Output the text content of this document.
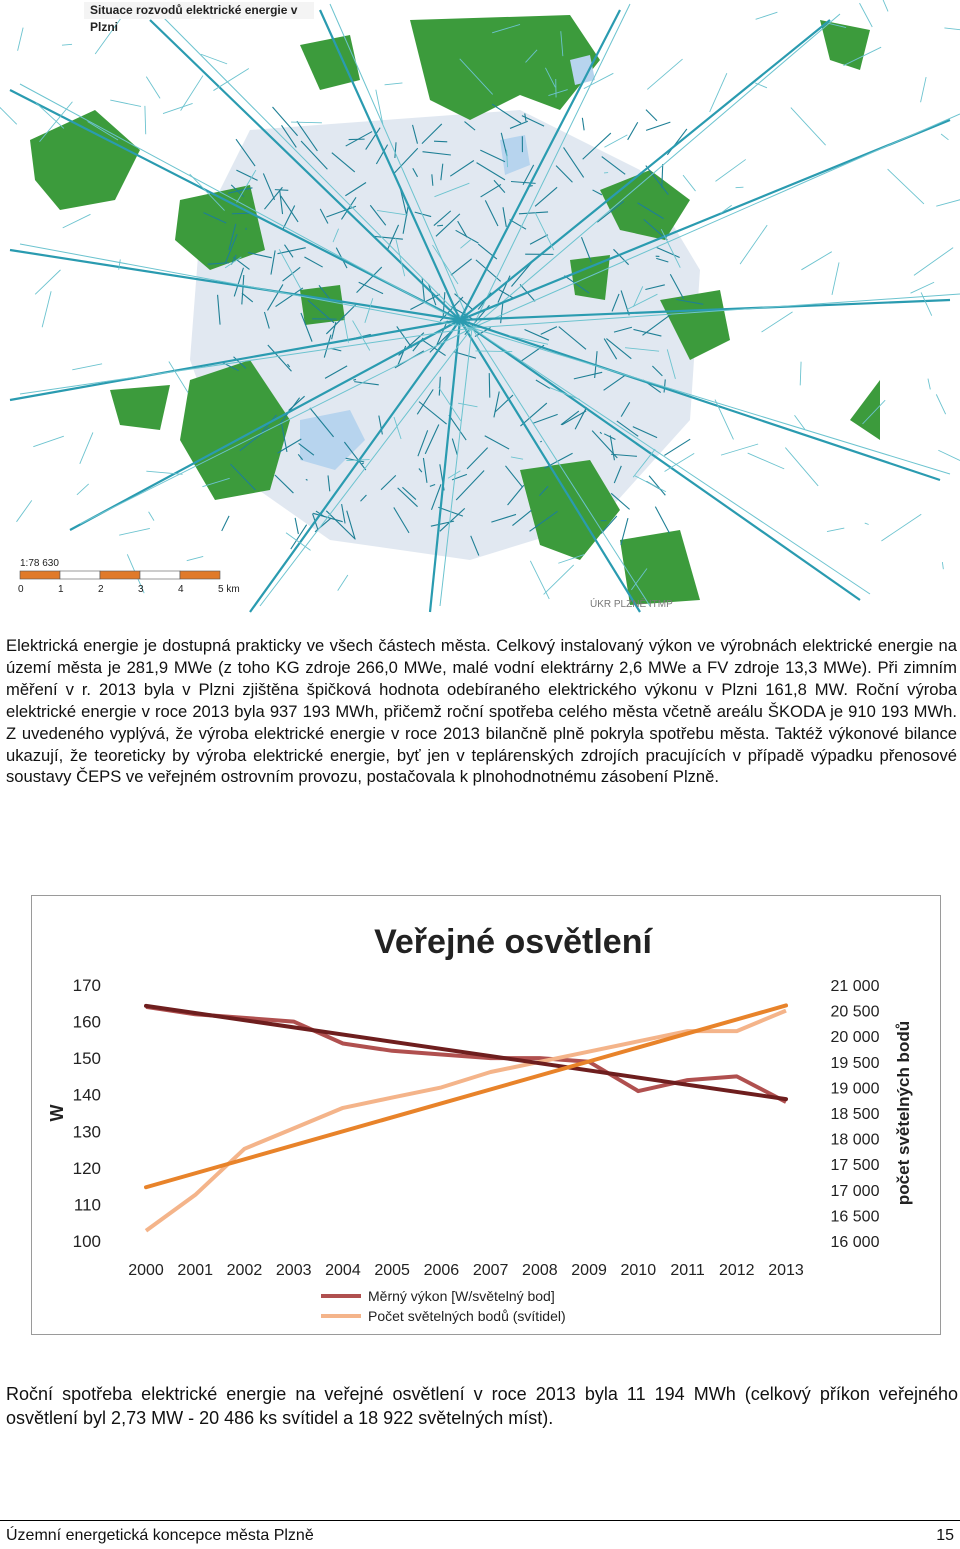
1:78 630
0	1	2	3	4	5 km
ÚKR PLZNĚ ITMP
Situace rozvodů elektrické energie v Plzni

Elektrická energie je dostupná prakticky ve všech částech města. Celkový instalovaný výkon ve výrobnách elektrické energie na území města je 281,9 MWe (z toho KG zdroje 266,0 MWe, malé vodní elektrárny 2,6 MWe a FV zdroje 13,3 MWe). Při zimním měření v r. 2013 byla v Plzni zjištěna špičková hodnota odebíraného elektrického výkonu v Plzni 161,8 MW. Roční výroba elektrické energie v roce 2013 byla 937 193 MWh, přičemž roční spotřeba celého města včetně areálu ŠKODA je 910 193 MWh. Z uvedeného vyplývá, že výroba elektrické energie v roce 2013 bilančně plně pokryla spotřebu města. Taktéž výkonové bilance ukazují, že teoreticky by výroba elektrické energie, byť jen v teplárenských zdrojích pracujících v případě výpadku přenosové soustavy ČEPS ve veřejném ostrovním provozu, postačovala k plnohodnotnému zásobení Plzně.

Veřejné osvětlení
W
170
160
150
140
130
120
110
100
21 000
20 500
20 000
19 500
19 000
18 500
18 000
17 500
17 000
16 500
16 000
počet světelných bodů
2000 2001 2002 2003 2004 2005 2006 2007 2008 2009 2010 2011 2012 2013
Měrný výkon [W/světelný bod]
Počet světelných bodů (svítidel)

Roční spotřeba elektrické energie na veřejné osvětlení v roce 2013 byla 11 194 MWh (celkový příkon veřejného osvětlení byl 2,73 MW - 20 486 ks svítidel a 18 922 světelných míst).

Územní energetická koncepce města Plzně	15
